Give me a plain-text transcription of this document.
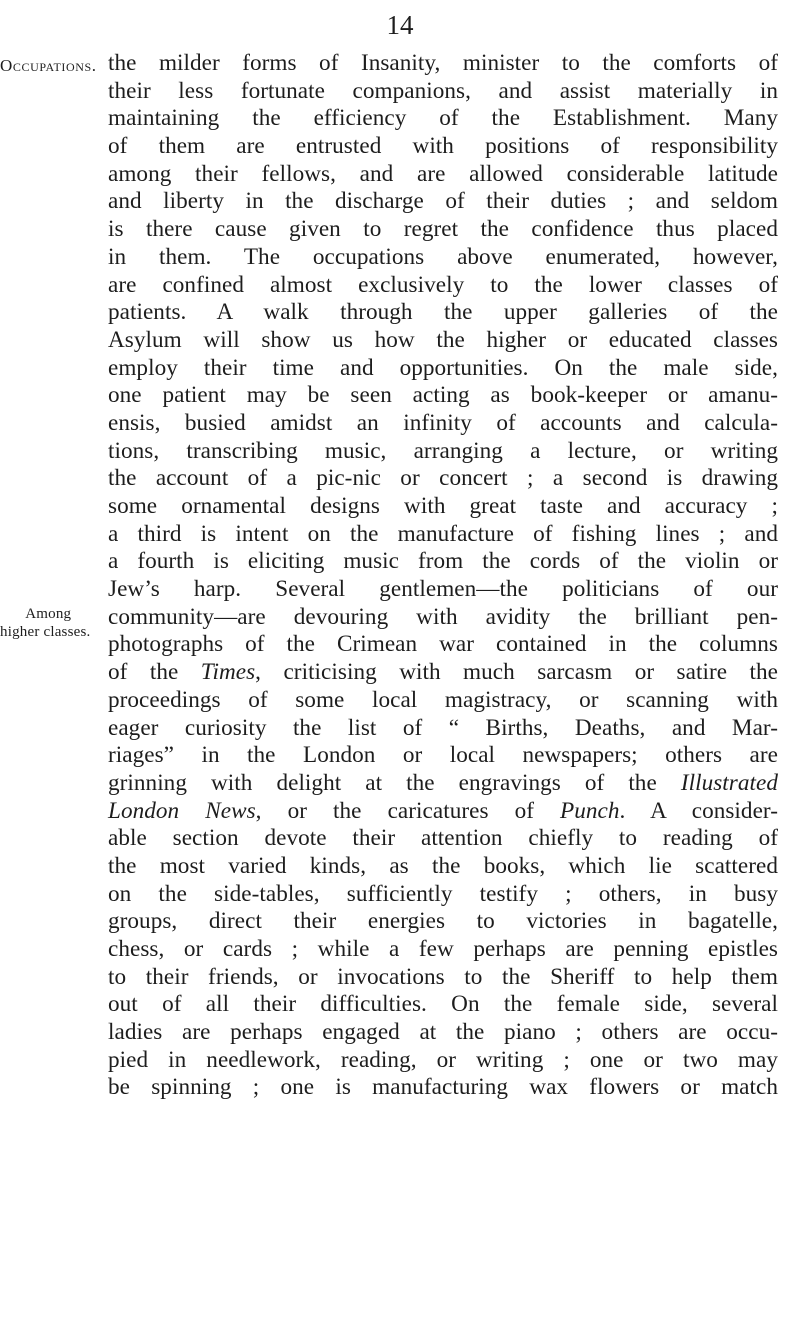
14
Occupations.
Among
higher classes.
the milder forms of Insanity, minister to the comforts of
their less fortunate companions, and assist materially in
maintaining the efficiency of the Establishment. Many
of them are entrusted with positions of responsibility
among their fellows, and are allowed considerable latitude
and liberty in the discharge of their duties ; and seldom
is there cause given to regret the confidence thus placed
in them. The occupations above enumerated, however,
are confined almost exclusively to the lower classes of
patients. A walk through the upper galleries of the
Asylum will show us how the higher or educated classes
employ their time and opportunities. On the male side,
one patient may be seen acting as book-keeper or amanu-
ensis, busied amidst an infinity of accounts and calcula-
tions, transcribing music, arranging a lecture, or writing
the account of a pic-nic or concert ; a second is drawing
some ornamental designs with great taste and accuracy ;
a third is intent on the manufacture of fishing lines ; and
a fourth is eliciting music from the cords of the violin or
Jew’s harp. Several gentlemen—the politicians of our
community—are devouring with avidity the brilliant pen-
photographs of the Crimean war contained in the columns
of the Times, criticising with much sarcasm or satire the
proceedings of some local magistracy, or scanning with
eager curiosity the list of “ Births, Deaths, and Mar-
riages” in the London or local newspapers; others are
grinning with delight at the engravings of the Illustrated
London News, or the caricatures of Punch. A consider-
able section devote their attention chiefly to reading of
the most varied kinds, as the books, which lie scattered
on the side-tables, sufficiently testify ; others, in busy
groups, direct their energies to victories in bagatelle,
chess, or cards ; while a few perhaps are penning epistles
to their friends, or invocations to the Sheriff to help them
out of all their difficulties. On the female side, several
ladies are perhaps engaged at the piano ; others are occu-
pied in needlework, reading, or writing ; one or two may
be spinning ; one is manufacturing wax flowers or match
